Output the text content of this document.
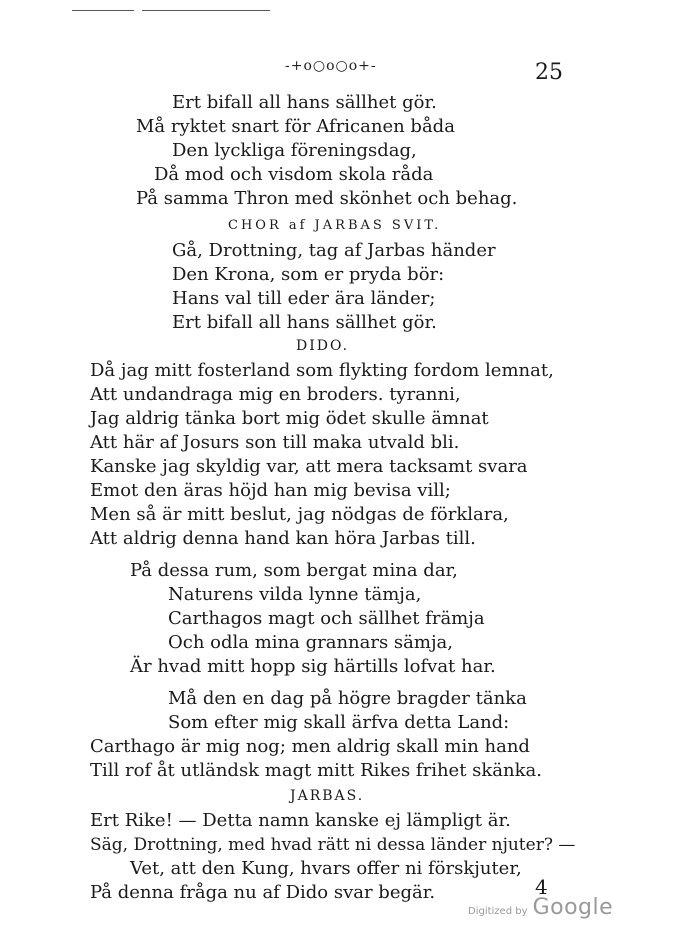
-+o○o○o+-	25
Ert bifall all hans sällhet gör.
Må ryktet snart för Africanen båda
Den lyckliga föreningsdag,
Då mod och visdom skola råda
På samma Thron med skönhet och behag.
CHOR af JARBAS SVIT.
Gå, Drottning, tag af Jarbas händer
Den Krona, som er pryda bör:
Hans val till eder ära länder;
Ert bifall all hans sällhet gör.
DIDO.
Då jag mitt fosterland som flykting fordom lemnat,
Att undandraga mig en broders. tyranni,
Jag aldrig tänka bort mig ödet skulle ämnat
Att här af Josurs son till maka utvald bli.
Kanske jag skyldig var, att mera tacksamt svara
Emot den äras höjd han mig bevisa vill;
Men så är mitt beslut, jag nödgas de förklara,
Att aldrig denna hand kan höra Jarbas till.
På dessa rum, som bergat mina dar,
Naturens vilda lynne tämja,
Carthagos magt och sällhet främja
Och odla mina grannars sämja,
Är hvad mitt hopp sig härtills lofvat har.
Må den en dag på högre bragder tänka
Som efter mig skall ärfva detta Land:
Carthago är mig nog; men aldrig skall min hand
Till rof åt utländsk magt mitt Rikes frihet skänka.
JARBAS.
Ert Rike! — Detta namn kanske ej lämpligt är.
Säg, Drottning, med hvad rätt ni dessa länder njuter? —
Vet, att den Kung, hvars offer ni förskjuter,
På denna fråga nu af Dido svar begär.	4
Digitized by Google
